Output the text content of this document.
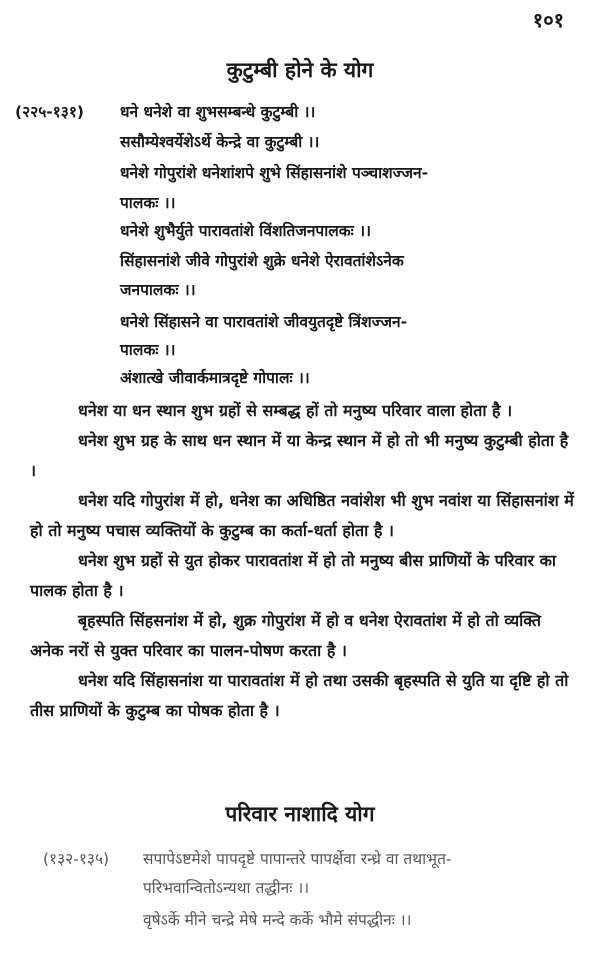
१०१
कुटुम्बी होने के योग
(२२५-१३१) धने धनेशे वा शुभसम्बन्धे कुटुम्बी ।।
ससौम्येश्वर्येशेऽर्थे केन्द्रे वा कुटुम्बी ।।
धनेशे गोपुरांशे धनेशांशपे शुभे सिंहासनांशे पञ्चाशज्जन-
पालकः ।।
धनेशे शुभैर्युते पारावतांशे विंशतिजनपालकः ।।
सिंहासनांशे जीवे गोपुरांशे शुक्रे धनेशे ऐरावतांशेऽनेक
जनपालकः ।।
धनेशे सिंहासने वा पारावतांशे जीवयुतदृष्टे त्रिंशज्जन-
पालकः ।।
अंशात्खे जीवार्कमात्रदृष्टे गोपालः ।।

धनेश या धन स्थान शुभ ग्रहों से सम्बद्ध हों तो मनुष्य परिवार वाला होता है ।

धनेश शुभ ग्रह के साथ धन स्थान में या केन्द्र स्थान में हो तो भी मनुष्य कुटुम्बी होता है ।

धनेश यदि गोपुरांश में हो, धनेश का अधिष्ठित नवांशेश भी शुभ नवांश या सिंहासनांश में हो तो मनुष्य पचास व्यक्तियों के कुटुम्ब का कर्ता-धर्ता होता है ।

धनेश शुभ ग्रहों से युत होकर पारावतांश में हो तो मनुष्य बीस प्राणियों के परिवार का पालक होता है ।

बृहस्पति सिंहसनांश में हो, शुक्र गोपुरांश में हो व धनेश ऐरावतांश में हो तो व्यक्ति अनेक नरों से युक्त परिवार का पालन-पोषण करता है ।

धनेश यदि सिंहासनांश या पारावतांश में हो तथा उसकी बृहस्पति से युति या दृष्टि हो तो तीस प्राणियों के कुटुम्ब का पोषक होता है ।

परिवार नाशादि योग
(१३२-१३५) सपापेऽष्टमेशे पापदृष्टे पापान्तरे पापर्क्षेवा रन्ध्रे वा तथाभूत-
परिभवान्वितोऽन्यथा तद्धीनः ।।
वृषेऽर्के मीने चन्द्रे मेषे मन्दे कर्के भौमे संपद्धीनः ।।
